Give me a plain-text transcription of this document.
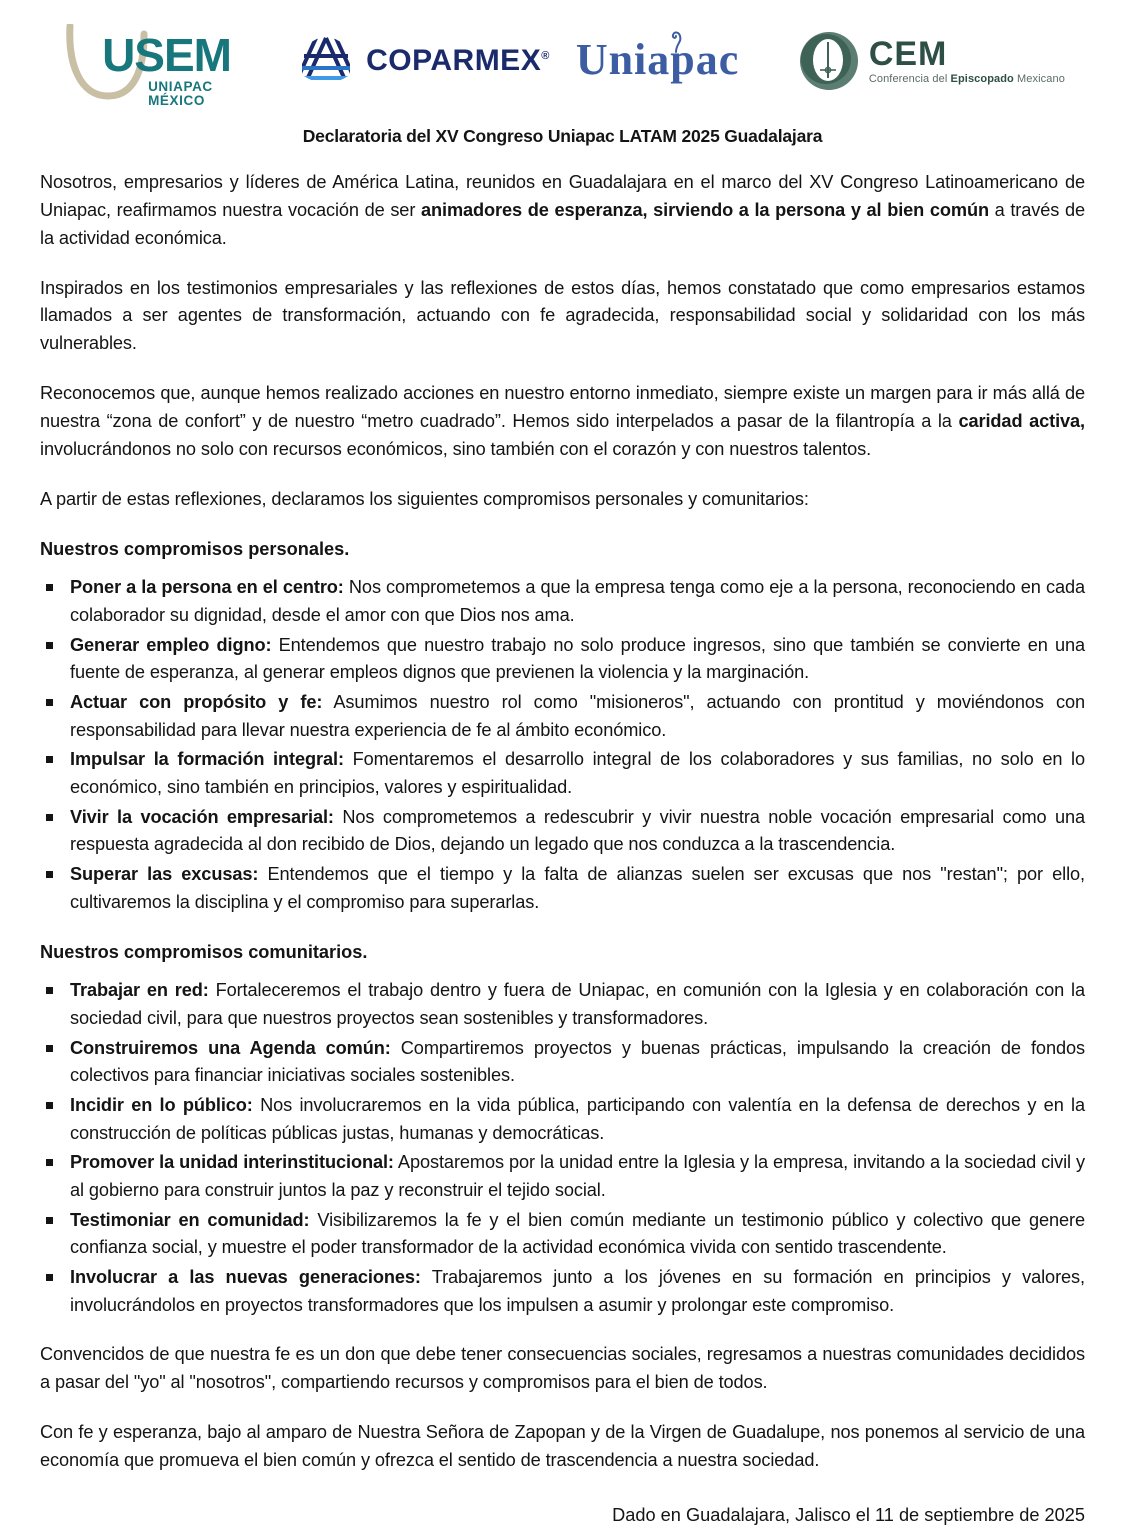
USEM
UNIAPAC MÉXICO
COPARMEX® Uniapac	CEM
Conferencia del Episcopado Mexicano
Declaratoria del XV Congreso Uniapac LATAM 2025 Guadalajara

Nosotros, empresarios y líderes de América Latina, reunidos en Guadalajara en el marco del XV Congreso Latinoamericano de Uniapac, reafirmamos nuestra vocación de ser animadores de esperanza, sirviendo a la persona y al bien común a través de la actividad económica.

Inspirados en los testimonios empresariales y las reflexiones de estos días, hemos constatado que como empresarios estamos llamados a ser agentes de transformación, actuando con fe agradecida, responsabilidad social y solidaridad con los más vulnerables.

Reconocemos que, aunque hemos realizado acciones en nuestro entorno inmediato, siempre existe un margen para ir más allá de nuestra “zona de confort” y de nuestro “metro cuadrado”. Hemos sido interpelados a pasar de la filantropía a la caridad activa, involucrándonos no solo con recursos económicos, sino también con el corazón y con nuestros talentos.

A partir de estas reflexiones, declaramos los siguientes compromisos personales y comunitarios:

Nuestros compromisos personales.
Poner a la persona en el centro: Nos comprometemos a que la empresa tenga como eje a la persona, reconociendo en cada colaborador su dignidad, desde el amor con que Dios nos ama.
Generar empleo digno: Entendemos que nuestro trabajo no solo produce ingresos, sino que también se convierte en una fuente de esperanza, al generar empleos dignos que previenen la violencia y la marginación.
Actuar con propósito y fe: Asumimos nuestro rol como "misioneros", actuando con prontitud y moviéndonos con responsabilidad para llevar nuestra experiencia de fe al ámbito económico.
Impulsar la formación integral: Fomentaremos el desarrollo integral de los colaboradores y sus familias, no solo en lo económico, sino también en principios, valores y espiritualidad.
Vivir la vocación empresarial: Nos comprometemos a redescubrir y vivir nuestra noble vocación empresarial como una respuesta agradecida al don recibido de Dios, dejando un legado que nos conduzca a la trascendencia.
Superar las excusas: Entendemos que el tiempo y la falta de alianzas suelen ser excusas que nos "restan"; por ello, cultivaremos la disciplina y el compromiso para superarlas.
Nuestros compromisos comunitarios.
Trabajar en red: Fortaleceremos el trabajo dentro y fuera de Uniapac, en comunión con la Iglesia y en colaboración con la sociedad civil, para que nuestros proyectos sean sostenibles y transformadores.
Construiremos una Agenda común: Compartiremos proyectos y buenas prácticas, impulsando la creación de fondos colectivos para financiar iniciativas sociales sostenibles.
Incidir en lo público: Nos involucraremos en la vida pública, participando con valentía en la defensa de derechos y en la construcción de políticas públicas justas, humanas y democráticas.
Promover la unidad interinstitucional: Apostaremos por la unidad entre la Iglesia y la empresa, invitando a la sociedad civil y al gobierno para construir juntos la paz y reconstruir el tejido social.
Testimoniar en comunidad: Visibilizaremos la fe y el bien común mediante un testimonio público y colectivo que genere confianza social, y muestre el poder transformador de la actividad económica vivida con sentido trascendente.
Involucrar a las nuevas generaciones: Trabajaremos junto a los jóvenes en su formación en principios y valores, involucrándolos en proyectos transformadores que los impulsen a asumir y prolongar este compromiso.

Convencidos de que nuestra fe es un don que debe tener consecuencias sociales, regresamos a nuestras comunidades decididos a pasar del "yo" al "nosotros", compartiendo recursos y compromisos para el bien de todos.

Con fe y esperanza, bajo al amparo de Nuestra Señora de Zapopan y de la Virgen de Guadalupe, nos ponemos al servicio de una economía que promueva el bien común y ofrezca el sentido de trascendencia a nuestra sociedad.

Dado en Guadalajara, Jalisco el 11 de septiembre de 2025
